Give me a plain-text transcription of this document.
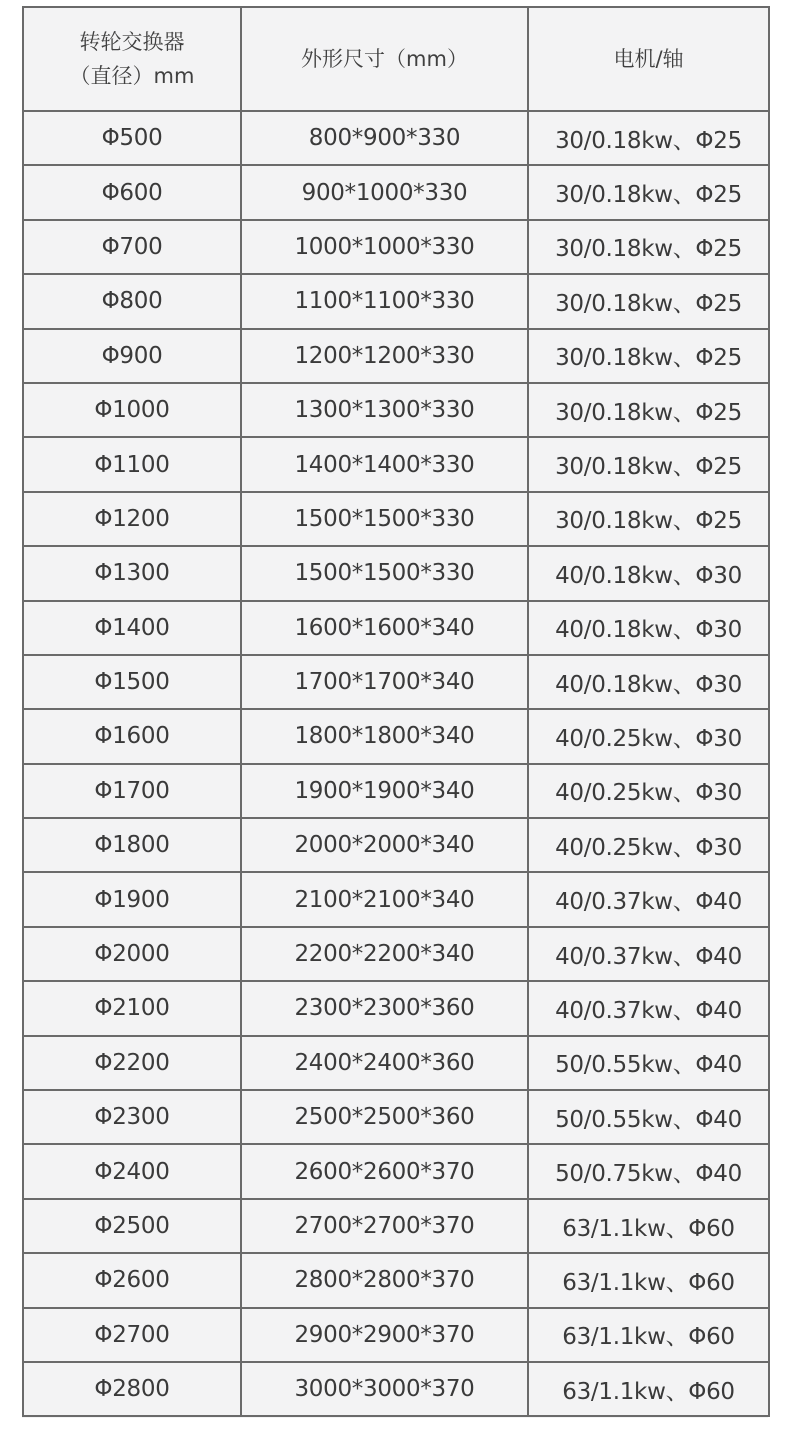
转轮交换器
（直径）mm	外形尺寸（mm）	电机/轴

Φ500	800*900*330	30/0.18kw、Φ25
Φ600	900*1000*330	30/0.18kw、Φ25
Φ700	1000*1000*330	30/0.18kw、Φ25
Φ800	1100*1100*330	30/0.18kw、Φ25
Φ900	1200*1200*330	30/0.18kw、Φ25
Φ1000	1300*1300*330	30/0.18kw、Φ25
Φ1100	1400*1400*330	30/0.18kw、Φ25
Φ1200	1500*1500*330	30/0.18kw、Φ25
Φ1300	1500*1500*330	40/0.18kw、Φ30
Φ1400	1600*1600*340	40/0.18kw、Φ30
Φ1500	1700*1700*340	40/0.18kw、Φ30
Φ1600	1800*1800*340	40/0.25kw、Φ30
Φ1700	1900*1900*340	40/0.25kw、Φ30
Φ1800	2000*2000*340	40/0.25kw、Φ30
Φ1900	2100*2100*340	40/0.37kw、Φ40
Φ2000	2200*2200*340	40/0.37kw、Φ40
Φ2100	2300*2300*360	40/0.37kw、Φ40
Φ2200	2400*2400*360	50/0.55kw、Φ40
Φ2300	2500*2500*360	50/0.55kw、Φ40
Φ2400	2600*2600*370	50/0.75kw、Φ40
Φ2500	2700*2700*370	63/1.1kw、Φ60
Φ2600	2800*2800*370	63/1.1kw、Φ60
Φ2700	2900*2900*370	63/1.1kw、Φ60
Φ2800	3000*3000*370	63/1.1kw、Φ60
